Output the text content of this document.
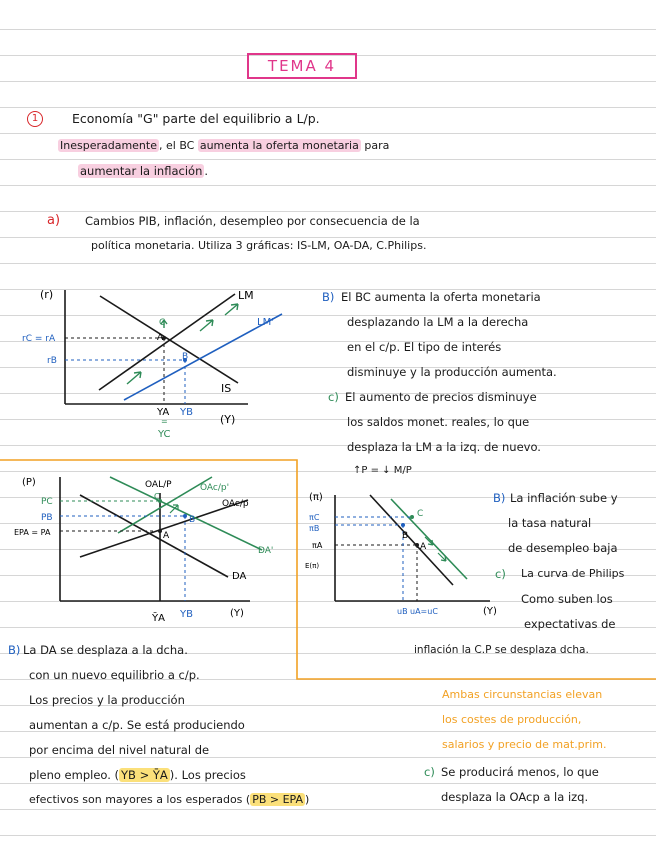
TEMA 4
1	Economía "G" parte del equilibrio a L/p.
Inesperadamente , el BC aumenta la oferta monetaria para
aumentar la inflación .
a) Cambios PIB, inflación, desempleo por consecuencia de la
política monetaria. Utiliza 3 gráficas: IS-LM, OA-DA, C.Philips.
(r)	LM
LM'
IS
C
A
B
rC = rA
rB
YA YB
=
YC
(Y)
B) El BC aumenta la oferta monetaria
desplazando la LM a la derecha
en el c/p. El tipo de interés
disminuye y la producción aumenta.
c) El aumento de precios disminuye
los saldos monet. reales, lo que
desplaza la LM a la izq. de nuevo.
↑P = ↓ M/P
(P)	OAL/P	OAc/p'
OAc/p
DA'
DA
PC
PB
EPA = PA
C
A
B
ȲA YB	(Y)
(π)
πC
πB
πA
E(π)
C
B
A
uB uA=uC	(Y)
B) La inflación sube y
la tasa natural
de desempleo baja
c) La curva de Philips
Como suben los
expectativas de
inflación la C.P se desplaza dcha.
B) La DA se desplaza a la dcha.
con un nuevo equilibrio a c/p.
Los precios y la producción
aumentan a c/p. Se está produciendo
por encima del nivel natural de
pleno empleo. ( YB > ȲA ). Los precios
efectivos son mayores a los esperados ( PB > EPA )
Ambas circunstancias elevan
los costes de producción,
salarios y precio de mat.prim.
c) Se producirá menos, lo que
desplaza la OAcp a la izq.
